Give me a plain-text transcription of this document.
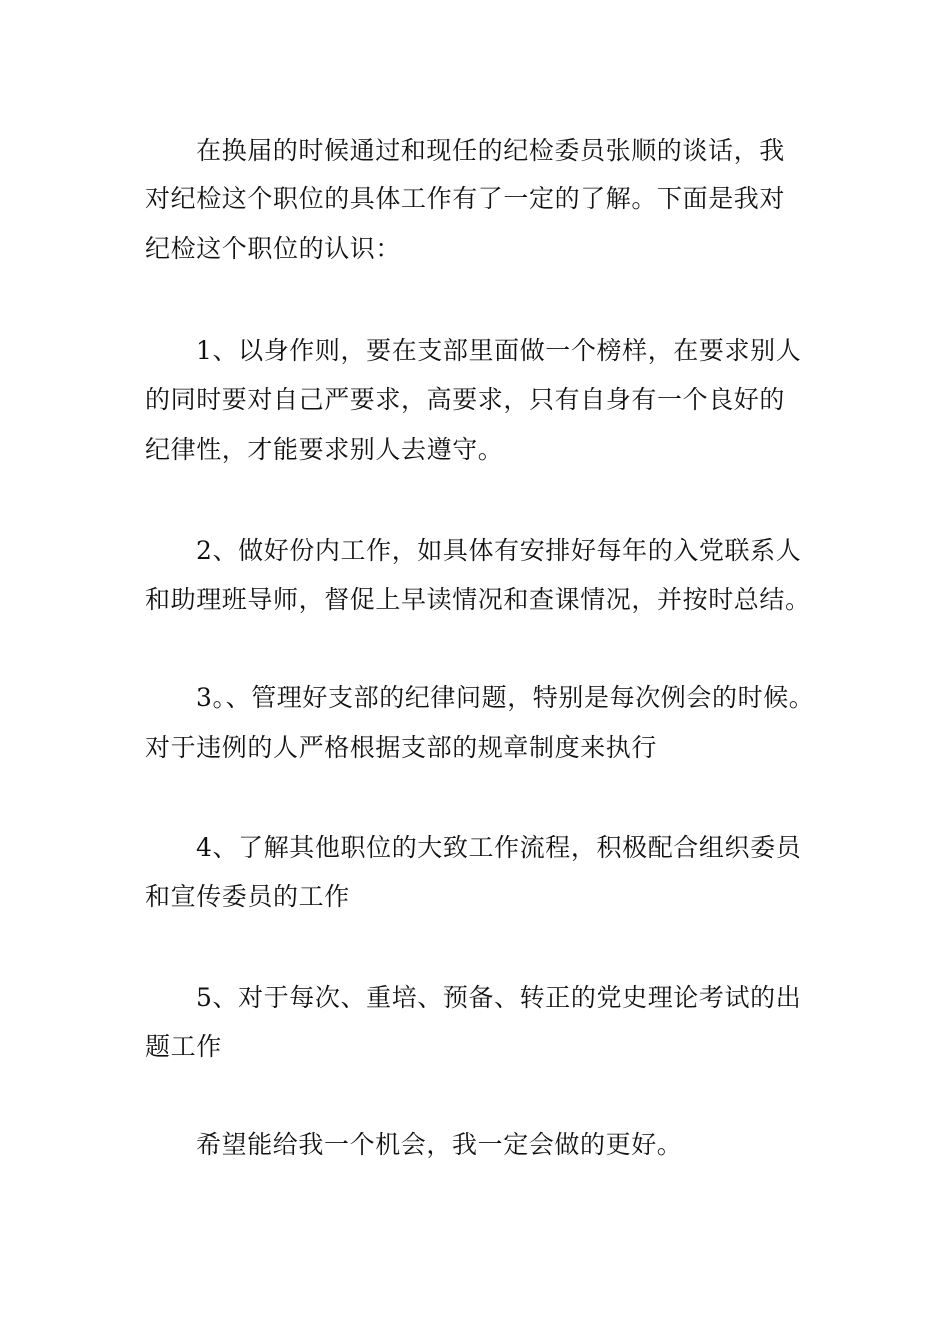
在换届的时候通过和现任的纪检委员张顺的谈话，我
对纪检这个职位的具体工作有了一定的了解。下面是我对
纪检这个职位的认识：
1、以身作则，要在支部里面做一个榜样，在要求别人
的同时要对自己严要求，高要求，只有自身有一个良好的
纪律性，才能要求别人去遵守。
2、做好份内工作，如具体有安排好每年的入党联系人
和助理班导师，督促上早读情况和查课情况，并按时总结。
3。、管理好支部的纪律问题，特别是每次例会的时候。
对于违例的人严格根据支部的规章制度来执行
4、了解其他职位的大致工作流程，积极配合组织委员
和宣传委员的工作
5、对于每次、重培、预备、转正的党史理论考试的出
题工作
希望能给我一个机会，我一定会做的更好。
